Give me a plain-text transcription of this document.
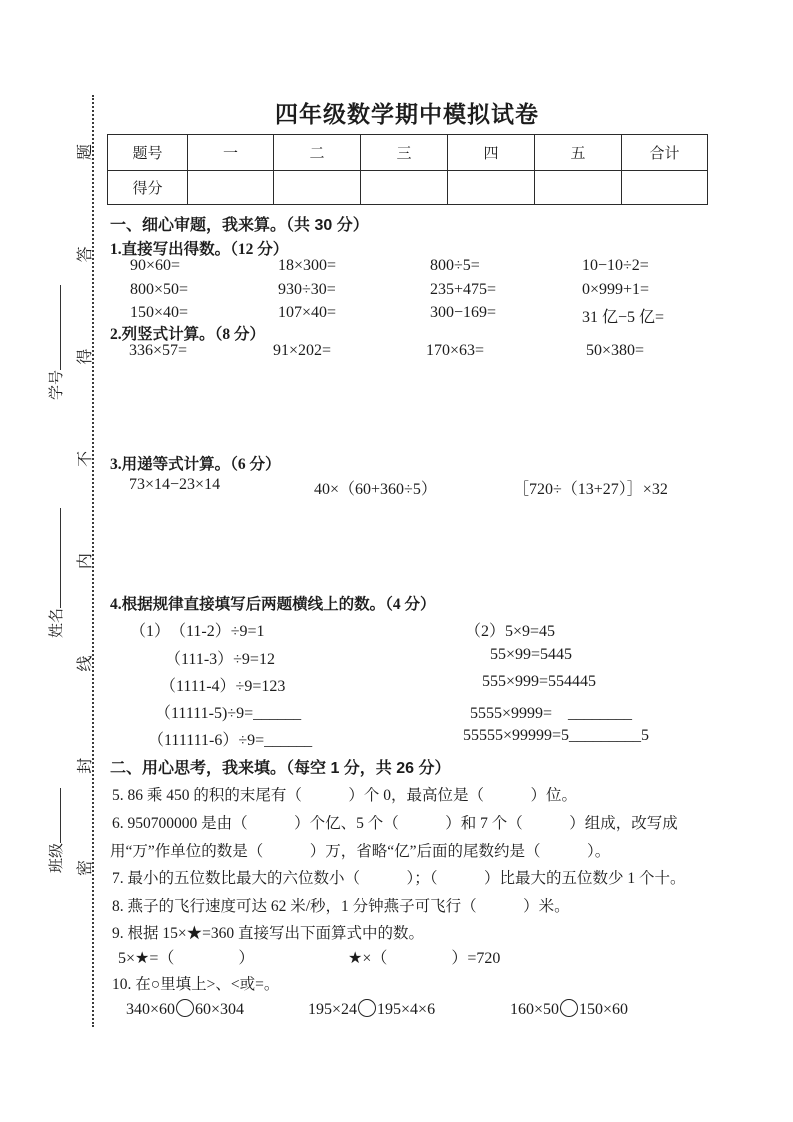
密
封
线
内
不
得
答
题
班级
姓名
学号
四年级数学期中模拟试卷
题号	一	二	三	四	五	合计
得分						
一、细心审题，我来算。（共 30 分）
1.直接写出得数。（12 分）
90×60=	18×300=	800÷5=	10−10÷2=
800×50=	930÷30=	235+475=	0×999+1=
150×40=	107×40=	300−169=	31 亿−5 亿=
2.列竖式计算。（8 分）
336×57=	91×202=	170×63=	50×380=
3.用递等式计算。（6 分）
73×14−23×14	40×（60+360÷5）	［720÷（13+27）］×32
4.根据规律直接填写后两题横线上的数。（4 分）
（1）　（11-2）÷9=1	（2）5×9=45
（111-3）÷9=12	55×99=5445
（1111-4）÷9=123	555×999=554445
（11111-5)÷9=______	5555×9999=　________
（111111-6）÷9=______	55555×99999=5_________5
二、用心思考，我来填。（每空 1 分，共 26 分）
5. 86 乘 450 的积的末尾有（　　　）个 0，最高位是（　　　）位。
6. 950700000 是由（　　　）个亿、5 个（　　　）和 7 个（　　　）组成，改写成
用“万”作单位的数是（　　　）万，省略“亿”后面的尾数约是（　　　）。
7. 最小的五位数比最大的六位数小（　　　）；（　　　）比最大的五位数少 1 个十。
8. 燕子的飞行速度可达 62 米/秒，1 分钟燕子可飞行（　　　）米。
9. 根据 15×★=360 直接写出下面算式中的数。
5×★=（　　　　）	★×（　　　　）=720
10. 在○里填上>、<或=。
340×60 60×304	195×24 195×4×6	160×50 150×60
